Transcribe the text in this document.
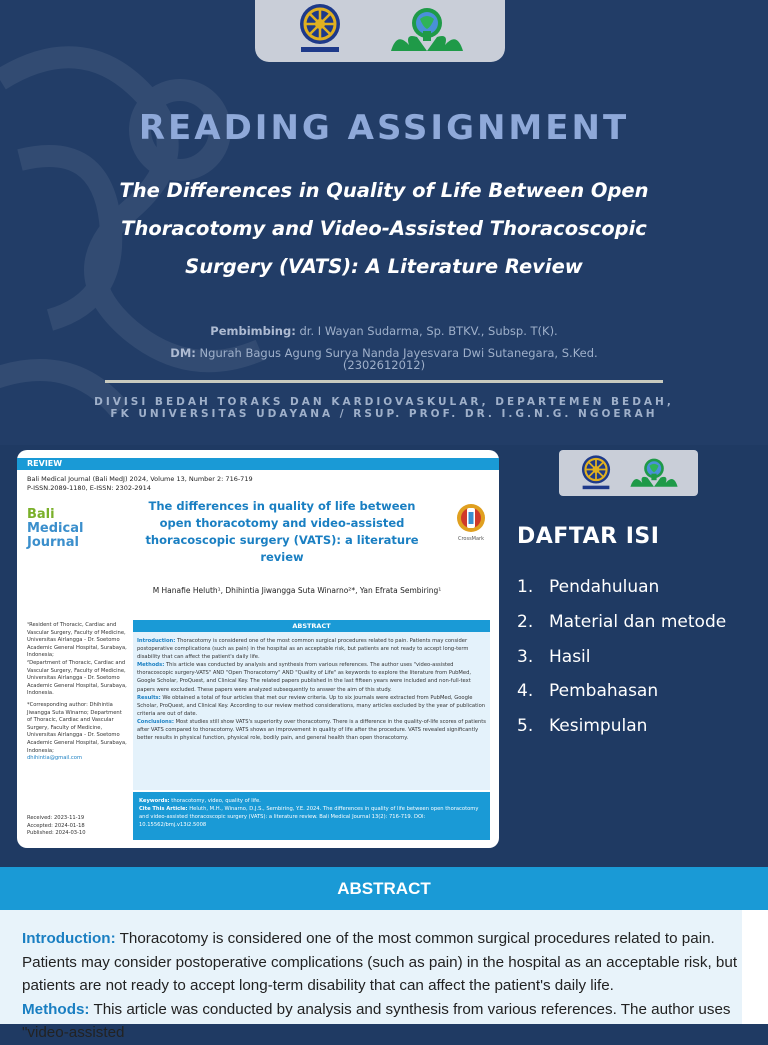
READING ASSIGNMENT
The Differences in Quality of Life Between Open Thoracotomy and Video-Assisted Thoracoscopic Surgery (VATS): A Literature Review
Pembimbing: dr. I Wayan Sudarma, Sp. BTKV., Subsp. T(K).
DM: Ngurah Bagus Agung Surya Nanda Jayesvara Dwi Sutanegara, S.Ked.
(2302612012)
DIVISI BEDAH TORAKS DAN KARDIOVASKULAR, DEPARTEMEN BEDAH,
FK UNIVERSITAS UDAYANA / RSUP. PROF. DR. I.G.N.G. NGOERAH
REVIEW
Bali Medical Journal (Bali MedJ) 2024, Volume 13, Number 2: 716-719
P-ISSN.2089-1180, E-ISSN: 2302-2914
Bali
Medical Journal
The differences in quality of life between open thoracotomy and video-assisted thoracoscopic surgery (VATS): a literature review
CrossMark
M Hanafie Heluth¹, Dhihintia Jiwangga Suta Winarno²*, Yan Efrata Sembiring¹
¹Resident of Thoracic, Cardiac and Vascular Surgery, Faculty of Medicine, Universitas Airlangga - Dr. Soetomo Academic General Hospital, Surabaya, Indonesia;
²Department of Thoracic, Cardiac and Vascular Surgery, Faculty of Medicine, Universitas Airlangga - Dr. Soetomo Academic General Hospital, Surabaya, Indonesia.
*Corresponding author: Dhihintia Jiwangga Suta Winarno; Department of Thoracic, Cardiac and Vascular Surgery, Faculty of Medicine, Universitas Airlangga - Dr. Soetomo Academic General Hospital, Surabaya, Indonesia;
dhihintia@gmail.com
Received: 2023-11-19
Accepted: 2024-01-18
Published: 2024-03-10
ABSTRACT
Introduction: Thoracotomy is considered one of the most common surgical procedures related to pain. Patients may consider postoperative complications (such as pain) in the hospital as an acceptable risk, but patients are not ready to accept long-term disability that can affect the patient's daily life.
Methods: This article was conducted by analysis and synthesis from various references. The author uses "video-assisted thoracoscopic surgery-VATS" AND "Open Thoracotomy" AND "Quality of Life" as keywords to explore the literature from PubMed, Google Scholar, ProQuest, and Clinical Key. The related papers published in the last fifteen years were included and non-full-text papers were excluded. These papers were analyzed subsequently to answer the aim of this study.
Results: We obtained a total of four articles that met our review criteria. Up to six journals were extracted from PubMed, Google Scholar, ProQuest, and Clinical Key. According to our review method considerations, many articles excluded by the year of publication criteria are out of date.
Conclusions: Most studies still show VATS's superiority over thoracotomy. There is a difference in the quality-of-life scores of patients after VATS compared to thoracotomy. VATS shows an improvement in quality of life after the procedure. VATS revealed significantly better results in physical function, physical role, bodily pain, and general health than open thoracotomy.
Keywords: thoracotomy, video, quality of life.
Cite This Article: Heluth, M.H., Winarno, D.J.S., Sembiring, Y.E. 2024. The differences in quality of life between open thoracotomy and video-assisted thoracoscopic surgery (VATS): a literature review. Bali Medical Journal 13(2): 716-719. DOI: 10.15562/bmj.v13i2.5008
DAFTAR ISI
1. Pendahuluan
2. Material dan metode
3. Hasil
4. Pembahasan
5. Kesimpulan
ABSTRACT
Introduction: Thoracotomy is considered one of the most common surgical procedures related to pain. Patients may consider postoperative complications (such as pain) in the hospital as an acceptable risk, but patients are not ready to accept long-term disability that can affect the patient's daily life.
Methods: This article was conducted by analysis and synthesis from various references. The author uses "video-assisted
